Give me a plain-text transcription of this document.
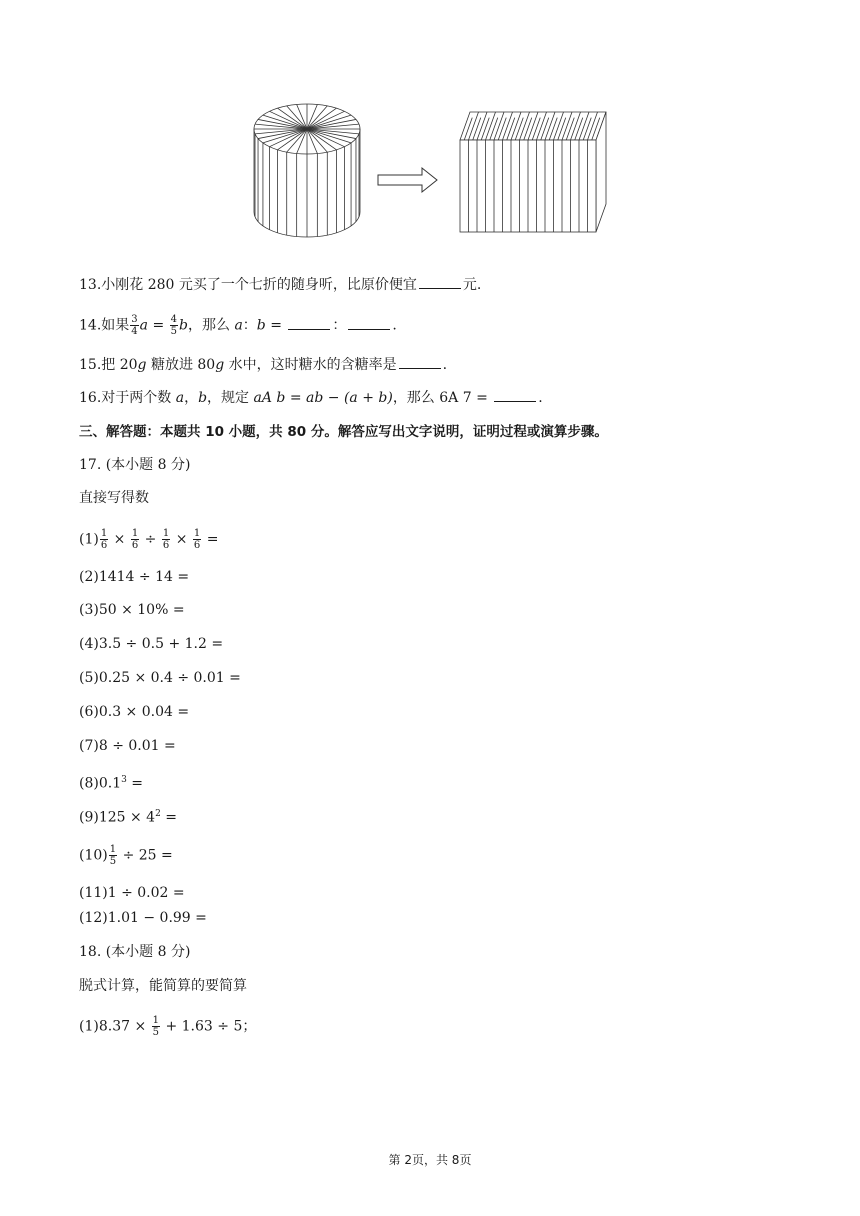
13.小刚花 280 元买了一个七折的随身听，比原价便宜	元.
14.如果 $\frac{3}{4}$ $a = \frac{4}{5}$ b，那么 a：b =	：	.
15.把 20g 糖放进 80g 水中，这时糖水的含糖率是	.
16.对于两个数 a，b，规定 aA b = ab − (a + b)，那么 6A 7 =	.
三、解答题：本题共 10 小题，共 80 分。解答应写出文字说明，证明过程或演算步骤。
17. (本小题 8 分)
直接写得数
$(1) \frac{1}{6} \times \frac{1}{6} \div \frac{1}{6} \times \frac{1}{6}$ =
(2)1414 ÷ 14 =
(3)50 × 10% =
(4)3.5 ÷ 0.5 + 1.2 =
(5)0.25 × 0.4 ÷ 0.01 =
(6)0.3 × 0.04 =
(7)8 ÷ 0.01 =
$(8)0.1^3$ =
$(9)125 \times 4^2$ =
$(10) \frac{1}{5} \div 25$ =
(11)1 ÷ 0.02 =
(12)1.01 − 0.99 =
18. (本小题 8 分)
脱式计算，能简算的要简算
$(1)8.37 \times \frac{1}{5} + 1.63 \div 5$；
第 2页，共 8页
